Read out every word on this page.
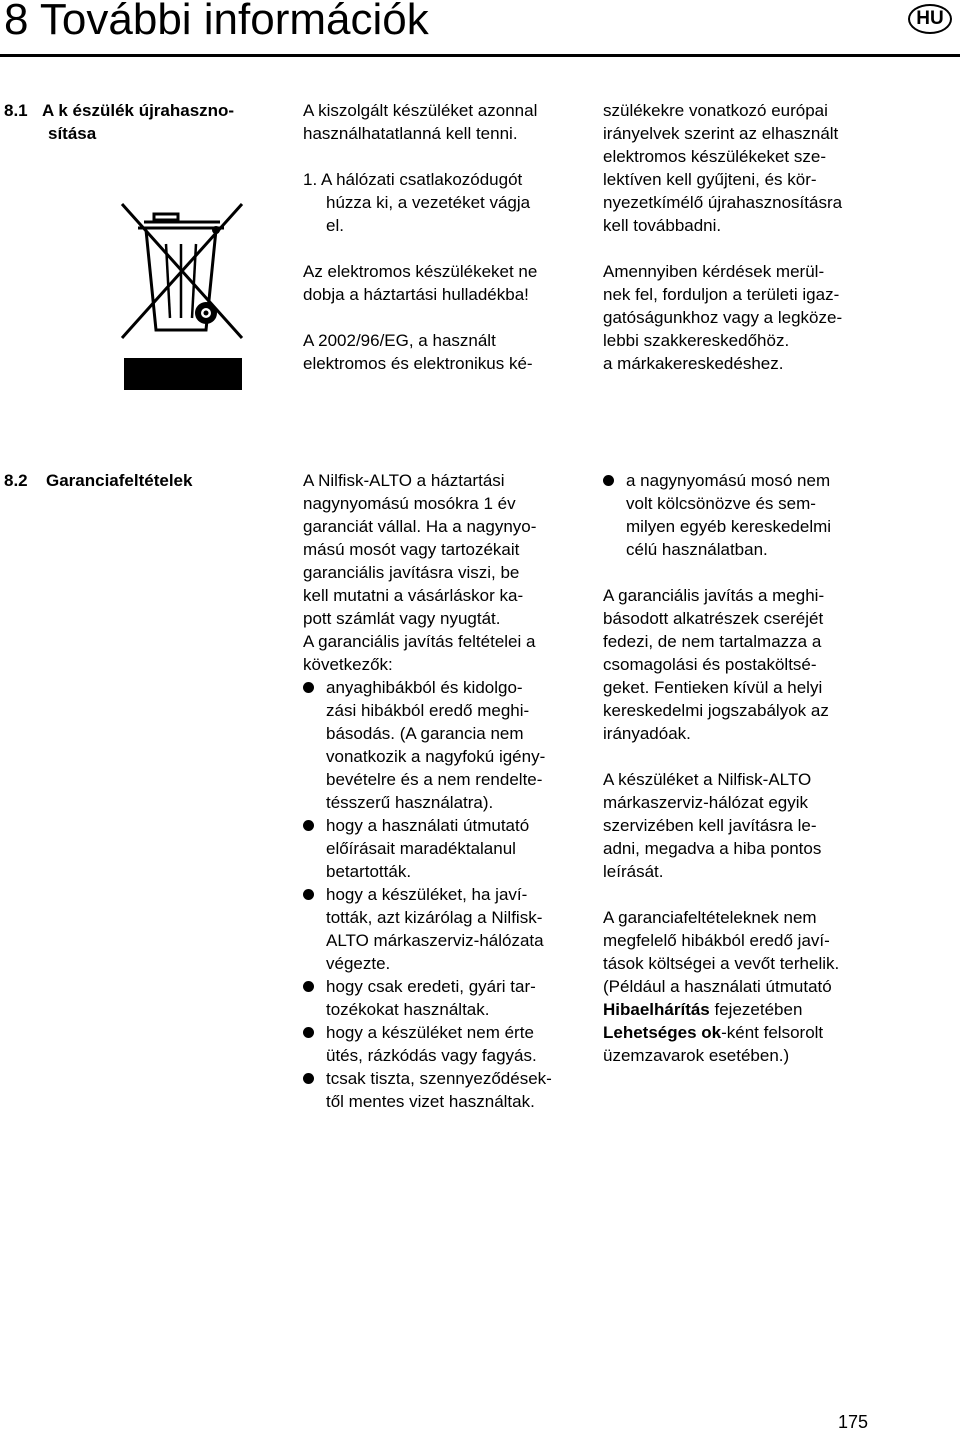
8 További információk	HU
8.1 A k észülék újrahaszno-
sítása
A kiszolgált készüléket azonnal
használhatatlanná kell tenni.
1. A hálózati csatlakozódugót
húzza ki, a vezetéket vágja
el.
Az elektromos készülékeket ne
dobja a háztartási hulladékba!
A 2002/96/EG, a használt
elektromos és elektronikus ké-
szülékekre vonatkozó európai
irányelvek szerint az elhasznált
elektromos készülékeket sze-
lektíven kell gyűjteni, és kör-
nyezetkímélő újrahasznosításra
kell továbbadni.
Amennyiben kérdések merül-
nek fel, forduljon a területi igaz-
gatóságunkhoz vagy a legköze-
lebbi szakkereskedőhöz.
a márkakereskedéshez.
8.2 Garanciafeltételek	A Nilfisk-ALTO a háztartási
nagynyomású mosókra 1 év
garanciát vállal. Ha a nagynyo-
mású mosót vagy tartozékait
garanciális javításra viszi, be
kell mutatni a vásárláskor ka-
pott számlát vagy nyugtát.
A garanciális javítás feltételei a
következők:
anyaghibákból és kidolgo-
zási hibákból eredő meghi-
básodás. (A garancia nem
vonatkozik a nagyfokú igény-
bevételre és a nem rendelte-
tésszerű használatra).
hogy a használati útmutató
előírásait maradéktalanul
betartották.
hogy a készüléket, ha javí-
tották, azt kizárólag a Nilfisk-
ALTO márkaszerviz-hálózata
végezte.
hogy csak eredeti, gyári tar-
tozékokat használtak.
hogy a készüléket nem érte
ütés, rázkódás vagy fagyás.
tcsak tiszta, szennyeződések-
től mentes vizet használtak.
a nagynyomású mosó nem
volt kölcsönözve és sem-
milyen egyéb kereskedelmi
célú használatban.
A garanciális javítás a meghi-
básodott alkatrészek cseréjét
fedezi, de nem tartalmazza a
csomagolási és postaköltsé-
geket. Fentieken kívül a helyi
kereskedelmi jogszabályok az
irányadóak.
A készüléket a Nilfisk-ALTO
márkaszerviz-hálózat egyik
szervizében kell javításra le-
adni, megadva a hiba pontos
leírását.
A garanciafeltételeknek nem
megfelelő hibákból eredő javí-
tások költségei a vevőt terhelik.
(Például a használati útmutató
Hibaelhárítás fejezetében
Lehetséges ok-ként felsorolt
üzemzavarok esetében.)
175
